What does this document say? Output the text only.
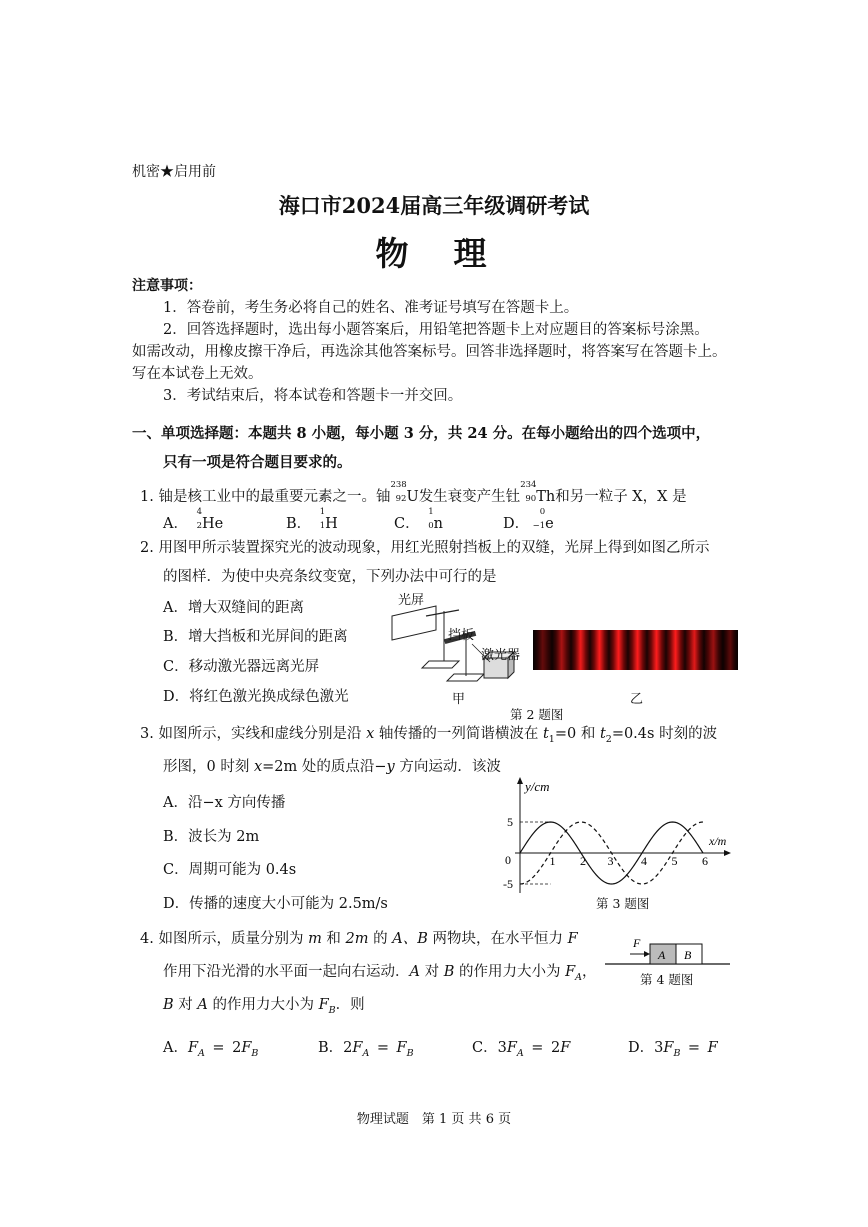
机密★启用前
海口市2024届高三年级调研考试
物　理
注意事项：
1．答卷前，考生务必将自己的姓名、准考证号填写在答题卡上。
2．回答选择题时，选出每小题答案后，用铅笔把答题卡上对应题目的答案标号涂黑。
如需改动，用橡皮擦干净后，再选涂其他答案标号。回答非选择题时，将答案写在答题卡上。
写在本试卷上无效。
3．考试结束后，将本试卷和答题卡一并交回。
一、单项选择题：本题共 8 小题，每小题 3 分，共 24 分。在每小题给出的四个选项中，
只有一项是符合题目要求的。
1. 铀是核工业中的最重要元素之一。铀
238
92 U发生衰变产生钍
234
90 Th和另一粒子 X，X 是
A．
4
2 He	B．
1
1 H	C．
1
0 n	D．
0
−1 e
2. 用图甲所示装置探究光的波动现象，用红光照射挡板上的双缝，光屏上得到如图乙所示
的图样．为使中央亮条纹变宽，下列办法中可行的是
A．增大双缝间的距离
B．增大挡板和光屏间的距离
C．移动激光器远离光屏
D．将红色激光换成绿色激光
光屏
挡板
激光器
甲	乙
第 2 题图
3. 如图所示，实线和虚线分别是沿 x 轴传播的一列简谐横波在 $t_1=0$ 和 $t_2=0.4s$ 时刻的波
形图，0 时刻 x=2m 处的质点沿−y 方向运动．该波
A．沿−x 方向传播
B．波长为 2m
C．周期可能为 0.4s
D．传播的速度大小可能为 2.5m/s
y/cm
x/m
0	1 2 3 4 5 6
5
-5
第 3 题图
4. 如图所示，质量分别为 m 和 2m 的 A、B 两物块，在水平恒力 F
作用下沿光滑的水平面一起向右运动．A 对 B 的作用力大小为 $F_A$，
B 对 A 的作用力大小为 $F_B$．则
F
A B
第 4 题图
A．$F_A = 2F_B$	B．$2F_A = F_B$	C．$3F_A = 2F$	D．$3F_B = F$
物理试题　第 1 页 共 6 页
